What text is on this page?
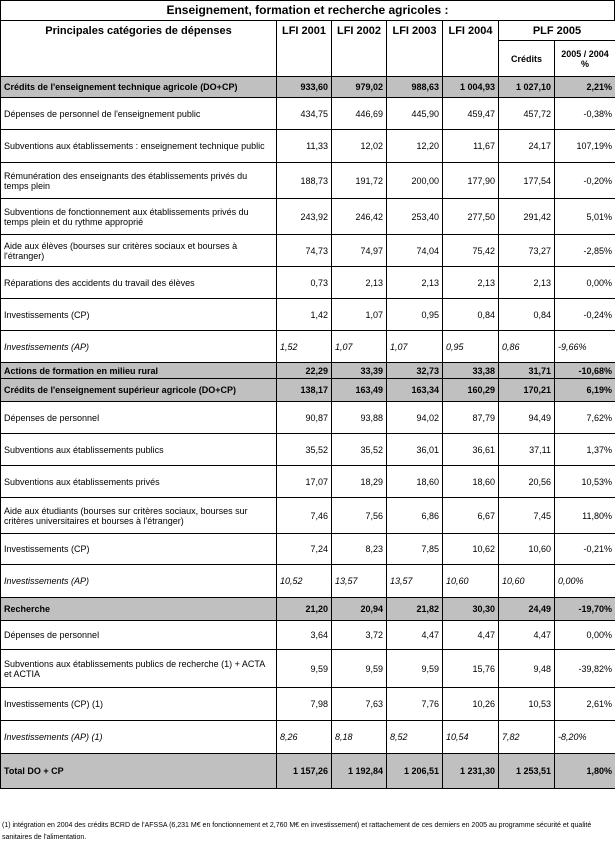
Enseignement, formation et recherche agricoles :
Principales catégories de dépenses	LFI 2001	LFI 2002	LFI 2003	LFI 2004	PLF 2005	
					Crédits	2005 / 2004 %
Crédits de l'enseignement technique agricole (DO+CP)	933,60	979,02	988,63	1 004,93	1 027,10	2,21%
Dépenses de personnel de l'enseignement public	434,75	446,69	445,90	459,47	457,72	-0,38%
Subventions aux établissements : enseignement technique public	11,33	12,02	12,20	11,67	24,17	107,19%
Rémunération des enseignants des établissements privés du temps plein	188,73	191,72	200,00	177,90	177,54	-0,20%
Subventions de fonctionnement aux établissements privés du temps plein et du rythme approprié	243,92	246,42	253,40	277,50	291,42	5,01%
Aide aux élèves (bourses sur critères sociaux et bourses à l'étranger)	74,73	74,97	74,04	75,42	73,27	-2,85%
Réparations des accidents du travail des élèves	0,73	2,13	2,13	2,13	2,13	0,00%
Investissements (CP)	1,42	1,07	0,95	0,84	0,84	-0,24%
Investissements (AP)	1,52	1,07	1,07	0,95	0,86	-9,66%
Actions de formation en milieu rural	22,29	33,39	32,73	33,38	31,71	-10,68%
Crédits de l'enseignement supérieur agricole (DO+CP)	138,17	163,49	163,34	160,29	170,21	6,19%
Dépenses de personnel	90,87	93,88	94,02	87,79	94,49	7,62%
Subventions aux établissements publics	35,52	35,52	36,01	36,61	37,11	1,37%
Subventions aux établissements privés	17,07	18,29	18,60	18,60	20,56	10,53%
Aide aux étudiants (bourses sur critères sociaux, bourses sur critères universitaires et bourses à l'étranger)	7,46	7,56	6,86	6,67	7,45	11,80%
Investissements (CP)	7,24	8,23	7,85	10,62	10,60	-0,21%
Investissements (AP)	10,52	13,57	13,57	10,60	10,60	0,00%
Recherche	21,20	20,94	21,82	30,30	24,49	-19,70%
Dépenses de personnel	3,64	3,72	4,47	4,47	4,47	0,00%
Subventions aux établissements publics de recherche (1) + ACTA et ACTIA	9,59	9,59	9,59	15,76	9,48	-39,82%
Investissements (CP) (1)	7,98	7,63	7,76	10,26	10,53	2,61%
Investissements (AP) (1)	8,26	8,18	8,52	10,54	7,82	-8,20%
Total DO + CP	1 157,26	1 192,84	1 206,51	1 231,30	1 253,51	1,80%
(1) intégration en 2004 des crédits BCRD de l'AFSSA (6,231 M€ en fonctionnement et 2,760 M€ en investissement) et rattachement de ces derniers en 2005 au programme sécurité et qualité sanitaires de l'alimentation.
